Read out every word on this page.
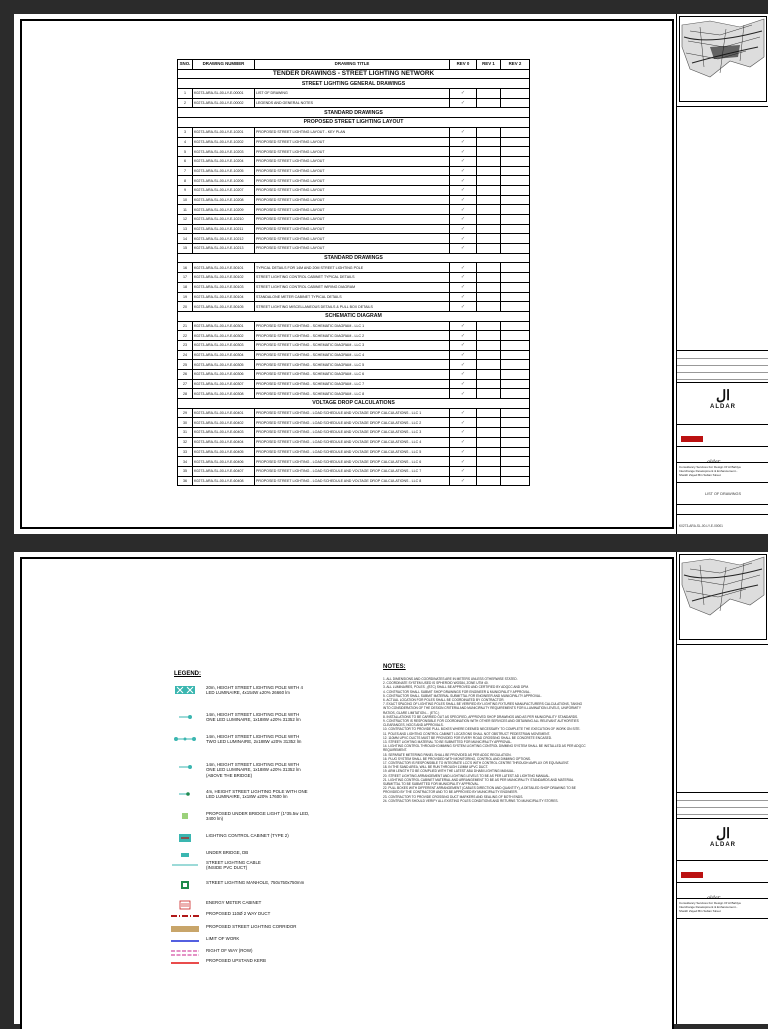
ال
ALDAR
aldar
Consultancy Services For Design Of Al Bahiya
Interchange Development & Enhancement -
Sheikh Zayed Bin Sultan Street
LIST OF DRAWINGS
K0273-ARA-SL-00-LY-E-00001
SNO.	DRAWING NUMBER	DRAWING TITLE	REV 0	REV 1	REV 2
TENDER DRAWINGS - STREET LIGHTING NETWORK					
STREET LIGHTING GENERAL DRAWINGS					
1	K0273-ARA-SL-00-LY-E-00001	LIST OF DRAWING	✓		
2	K0273-ARA-SL-00-LY-E-00002	LEGENDS AND GENERAL NOTES	✓		
STANDARD DRAWINGS					
PROPOSED STREET LIGHTING LAYOUT					
3	K0273-ARA-SL-00-LY-E-10201	PROPOSED STREET LIGHTING LAYOUT - KEY PLAN	✓		
4	K0273-ARA-SL-00-LY-E-10202	PROPOSED STREET LIGHTING LAYOUT	✓		
5	K0273-ARA-SL-00-LY-E-10203	PROPOSED STREET LIGHTING LAYOUT	✓		
6	K0273-ARA-SL-00-LY-E-10204	PROPOSED STREET LIGHTING LAYOUT	✓		
7	K0273-ARA-SL-00-LY-E-10205	PROPOSED STREET LIGHTING LAYOUT	✓		
8	K0273-ARA-SL-00-LY-E-10206	PROPOSED STREET LIGHTING LAYOUT	✓		
9	K0273-ARA-SL-00-LY-E-10207	PROPOSED STREET LIGHTING LAYOUT	✓		
10	K0273-ARA-SL-00-LY-E-10208	PROPOSED STREET LIGHTING LAYOUT	✓		
11	K0273-ARA-SL-00-LY-E-10209	PROPOSED STREET LIGHTING LAYOUT	✓		
12	K0273-ARA-SL-00-LY-E-10210	PROPOSED STREET LIGHTING LAYOUT	✓		
13	K0273-ARA-SL-00-LY-E-10211	PROPOSED STREET LIGHTING LAYOUT	✓		
14	K0273-ARA-SL-00-LY-E-10212	PROPOSED STREET LIGHTING LAYOUT	✓		
15	K0273-ARA-SL-00-LY-E-10213	PROPOSED STREET LIGHTING LAYOUT	✓		
STANDARD DRAWINGS					
16	K0273-ARA-SL-00-LY-E-50101	TYPICAL DETAILS FOR 14M AND 20M STREET LIGHTING POLE	✓		
17	K0273-ARA-SL-00-LY-E-50102	STREET LIGHTING CONTROL CABINET TYPICAL DETAILS	✓		
18	K0273-ARA-SL-00-LY-E-50103	STREET LIGHTING CONTROL CABINET WIRING DIAGRAM	✓		
19	K0273-ARA-SL-00-LY-E-50104	STANDALONE METER CABINET TYPICAL DETAILS	✓		
20	K0273-ARA-SL-00-LY-E-50105	STREET LIGHTING MISCELLANEOUS DETAILS & PULL BOX DETAILS	✓		
SCHEMATIC DIAGRAM					
21	K0273-ARA-SL-00-LY-E-60301	PROPOSED STREET LIGHTING - SCHEMATIC DIAGRAM - LLC 1	✓		
22	K0273-ARA-SL-00-LY-E-60302	PROPOSED STREET LIGHTING - SCHEMATIC DIAGRAM - LLC 2	✓		
23	K0273-ARA-SL-00-LY-E-60303	PROPOSED STREET LIGHTING - SCHEMATIC DIAGRAM - LLC 3	✓		
24	K0273-ARA-SL-00-LY-E-60304	PROPOSED STREET LIGHTING - SCHEMATIC DIAGRAM - LLC 4	✓		
25	K0273-ARA-SL-00-LY-E-60305	PROPOSED STREET LIGHTING - SCHEMATIC DIAGRAM - LLC 5	✓		
26	K0273-ARA-SL-00-LY-E-60306	PROPOSED STREET LIGHTING - SCHEMATIC DIAGRAM - LLC 6	✓		
27	K0273-ARA-SL-00-LY-E-60307	PROPOSED STREET LIGHTING - SCHEMATIC DIAGRAM - LLC 7	✓		
28	K0273-ARA-SL-00-LY-E-60308	PROPOSED STREET LIGHTING - SCHEMATIC DIAGRAM - LLC 8	✓		
VOLTAGE DROP CALCULATIONS					
29	K0273-ARA-SL-00-LY-E-60401	PROPOSED STREET LIGHTING - LOAD SCHEDULE AND VOLTAGE DROP CALCULATIONS - LLC 1	✓		
30	K0273-ARA-SL-00-LY-E-60402	PROPOSED STREET LIGHTING - LOAD SCHEDULE AND VOLTAGE DROP CALCULATIONS - LLC 2	✓		
31	K0273-ARA-SL-00-LY-E-60403	PROPOSED STREET LIGHTING - LOAD SCHEDULE AND VOLTAGE DROP CALCULATIONS - LLC 3	✓		
32	K0273-ARA-SL-00-LY-E-60404	PROPOSED STREET LIGHTING - LOAD SCHEDULE AND VOLTAGE DROP CALCULATIONS - LLC 4	✓		
33	K0273-ARA-SL-00-LY-E-60405	PROPOSED STREET LIGHTING - LOAD SCHEDULE AND VOLTAGE DROP CALCULATIONS - LLC 5	✓		
34	K0273-ARA-SL-00-LY-E-60406	PROPOSED STREET LIGHTING - LOAD SCHEDULE AND VOLTAGE DROP CALCULATIONS - LLC 6	✓		
35	K0273-ARA-SL-00-LY-E-60407	PROPOSED STREET LIGHTING - LOAD SCHEDULE AND VOLTAGE DROP CALCULATIONS - LLC 7	✓		
36	K0273-ARA-SL-00-LY-E-60408	PROPOSED STREET LIGHTING - LOAD SCHEDULE AND VOLTAGE DROP CALCULATIONS - LLC 8	✓		
ال
ALDAR
aldar
Consultancy Services For Design Of Al Bahiya
Interchange Development & Enhancement -
Sheikh Zayed Bin Sultan Street
LEGEND:
20m, HEIGHT STREET LIGHTING POLE WITH 4
LED LUMINAIRE, 4x154W ±20% 26660 lm
14m, HEIGHT STREET LIGHTING POLE WITH
ONE LED LUMINAIRE, 1x188W ±20% 31352 lm
14m, HEIGHT STREET LIGHTING POLE WITH
TWO LED LUMINAIRE, 2x188W ±20% 31352 lm
14m, HEIGHT STREET LIGHTING POLE WITH
ONE LED LUMINAIRE, 1x188W ±20% 31352 lm
(ABOVE THE BRIDGE)
4m, HEIGHT STREET LIGHTING POLE WITH ONE
LED LUMINAIRE, 1x18W ±20% 17600 lm
PROPOSED UNDER BRIDGE LIGHT (1*35.5w LED,
3400 lm)
LIGHTING CONTROL CABINET (TYPE 2)
UNDER BRIDGE, DB
STREET LIGHTING CABLE
(INSIDE PVC DUCT)
STREET LIGHTING MANHOLE, 750x750x750mm
ENERGY METER CABINET
PROPOSED 110Ø 2 WAY DUCT
PROPOSED STREET LIGHTING CORRIDOR
LIMIT OF WORK
RIGHT OF WAY (ROW)
PROPOSED UPSTAND KERB
NOTES:
1. ALL DIMENSIONS AND COORDINATES ARE IN METERS UNLESS OTHERWISE STATED.
2. COORDINATE SYSTEM USED IS SPHEROID WGS84, ZONE UTM 40.
3. ALL LUMINAIRES, POLES , (BTC) SHALL BE APPROVED AND CERTIFIED BY ADQCC AND DPM.
4. CONTRACTOR SHALL SUBMIT SHOP DRAWINGS FOR ENGINEER & MUNICIPALITY APPROVAL.
5. CONTRACTOR SHALL SUBMIT MATERIAL SUBMITTAL FOR ENGINEER AND MUNICIPALITY APPROVAL.
6. ACTUAL LOCATION FOR POLES SHALL BE COORDINATED BY CONTRACTOR.
7. EXACT SPACING OF LIGHTING POLES SHALL BE VERIFIED BY LIGHTING FIXTURES MANUFACTURERS CALCULATIONS, TAKING INTO CONSIDERATION OF THE DESIGN CRITERIA AND MUNICIPALITY REQUIREMENTS FOR ILLUMINATION LEVELS, UNIFORMITY RATIOS, GLARE LIMITATION.... (ETC.)
8. INSTALLATIONS TO BE CARRIED OUT AS SPECIFIED, APPROVED SHOP DRAWINGS AND AS PER MUNICIPALITY STANDARDS.
9. CONTRACTOR IS RESPONSIBLE FOR COORDINATION WITH OTHER SERVICES AND OBTAINING ALL RELEVANT AUTHORITIES CLEARANCES, NOCS AND APPROVALS.
10. CONTRACTOR TO PROVIDE PULL BOXES WHERE DEEMED NECESSARY TO COMPLETE THE EXECUTION OF WORK ON SITE.
11. POLES AND LIGHTING CONTROL CABINET LOCATIONS SHALL NOT OBSTRUCT PEDESTRIAN MOVEMENT.
12. 110MM UPVC DUCTS MUST BE PROVIDED FOR EVERY ROAD CROSSING SHALL BE CONCRETE ENCASED.
13. STREET LIGHTING MATERIAL TO BE SUBMITTED FOR MUNICIPALITY APPROVAL.
14. LIGHTING CONTROL THROUGH DIMMING SYSTEM LIGHTING CONTROL DIMMING SYSTEM SHALL BE INSTALLED AS PER ADQCC REQUIREMENT.
15. SEPARATE METERING PANEL SHALL BE PROVIDED AS PER ADDC REGULATION.
16. PLUG SYSTEM SHALL BE PROVIDED WITH MONITORING, CONTROL AND DIMMING OPTIONS.
17. CONTRACTOR IS RESPONSIBLE TO INTEGRATE LCC'S WITH CONTROL CENTRE THROUGH AMPLUX OR EQUIVALENT.
18. IN THE SAND AREA, WILL BE RUN THROUGH 110MM UPVC DUCT.
19. ARM LENGTH TO BE COMPLIED WITH THE LATEST ABU DHABI LIGHTING MANUAL.
20. STREET LIGHTING ARRANGEMENT AND LIGHTING LEVELS TO BE AS PER LATEST AD LIGHTING MANUAL.
21. LIGHTING CONTROL CABINET MATERIAL AND ARRANGEMENT TO BE AS PER MUNICIPALITY STANDARDS AND MATERIAL SUBMITTAL TO BE SUBMITTED FOR MUNICIPALITY APPROVAL.
22. PULL BOXES WITH DIFFERENT ARRANGEMENT (CABLES DIRECTION AND QUANTITY), A DETAILED SHOP DRAWING TO BE PROVIDED BY THE CONTRACTOR AND TO BE APPROVED BY MUNICIPALITY ENGINEER.
23. CONTRACTOR TO PROVIDE CROSSING DUCT MARKERS AND SEALING OF BOTH ENDS.
24. CONTRACTOR SHOULD VERIFY ALL EXISTING POLES CONDITIONS AND RETURNS TO MUNICIPALITY STORES.
